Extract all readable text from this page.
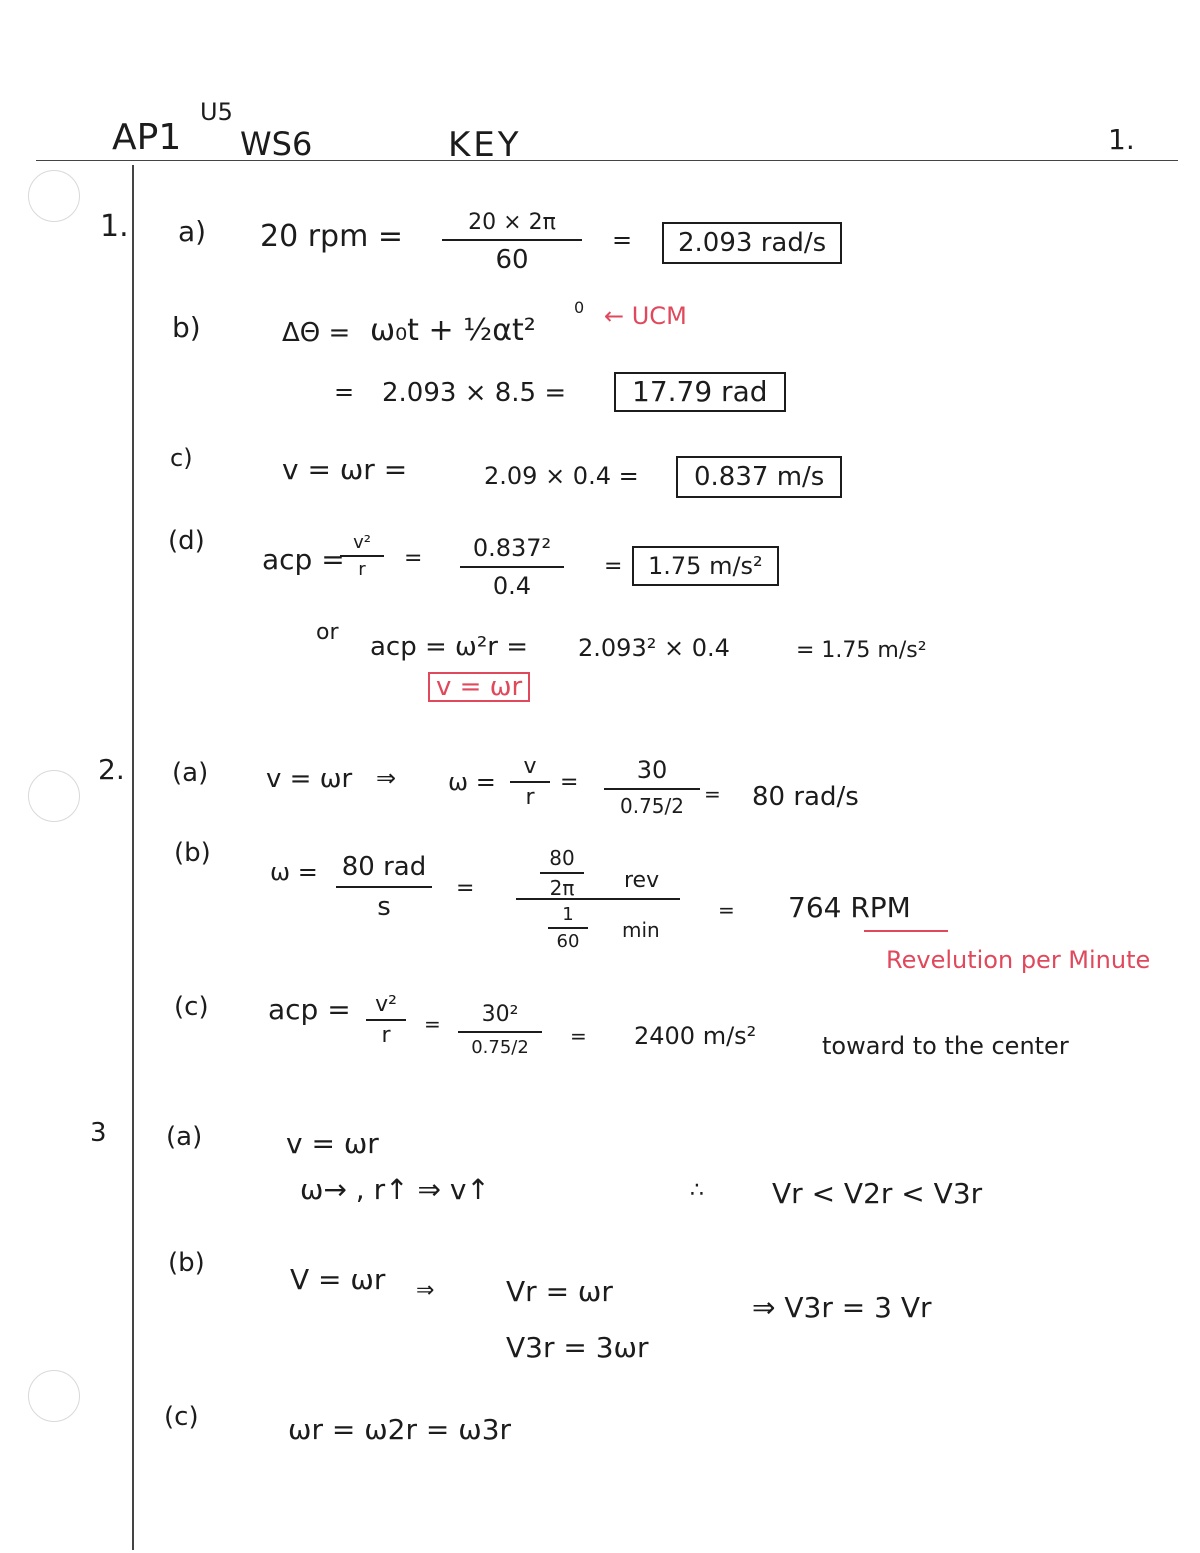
AP1
U5
WS6	KEY	1.
1. a) 20 rpm =	20 × 2π
60
=	2.093 rad/s
b)	ΔΘ = ω₀t + ½αt²
0 ← UCM
= 2.093 × 8.5 =	17.79 rad
c)	v = ωr =	2.09 × 0.4 =	0.837 m/s
(d)
acp =
v²
r	=	0.837²
0.4
=	1.75 m/s²
or acp = ω²r = 2.093² × 0.4	= 1.75 m/s²
v = ωr
2. (a) v = ωr ⇒ ω =
v
r
=	30
0.75/2	= 80 rad/s
(b)
ω = 80 rad
s
=
80
2π	rev
1
60	min
= 764 RPM
Revelution per Minute
(c) acp =	v²
r	=	30²
0.75/2	= 2400 m/s²	toward to the center
3 (a)	v = ωr
ω→ , r↑ ⇒ v↑	∴ Vr < V2r < V3r
(b)	V = ωr ⇒	Vr = ωr
V3r = 3ωr
⇒ V3r = 3 Vr
(c)	ωr = ω2r = ω3r
